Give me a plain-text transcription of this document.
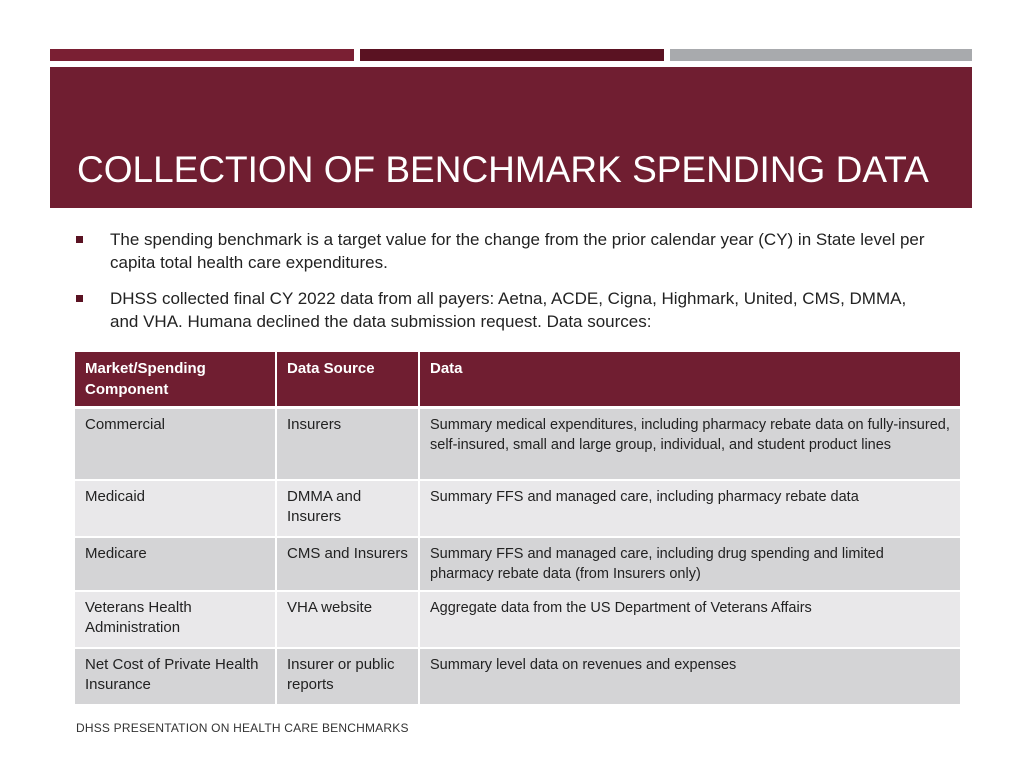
COLLECTION OF BENCHMARK SPENDING DATA
The spending benchmark is a target value for the change from the prior calendar year (CY) in State level per capita total health care expenditures.
DHSS collected final CY 2022 data from all payers: Aetna, ACDE, Cigna, Highmark, United, CMS, DMMA, and VHA. Humana declined the data submission request. Data sources:
Market/Spending Component	Data Source	Data
Commercial	Insurers	Summary medical expenditures, including pharmacy rebate data on fully-insured, self-insured, small and large group, individual, and student product lines
Medicaid	DMMA and Insurers	Summary FFS and managed care, including pharmacy rebate data
Medicare	CMS and Insurers	Summary FFS and managed care, including drug spending and limited pharmacy rebate data (from Insurers only)
Veterans Health Administration	VHA website	Aggregate data from the US Department of Veterans Affairs
Net Cost of Private Health Insurance	Insurer or public reports	Summary level data on revenues and expenses
DHSS PRESENTATION ON HEALTH CARE BENCHMARKS
